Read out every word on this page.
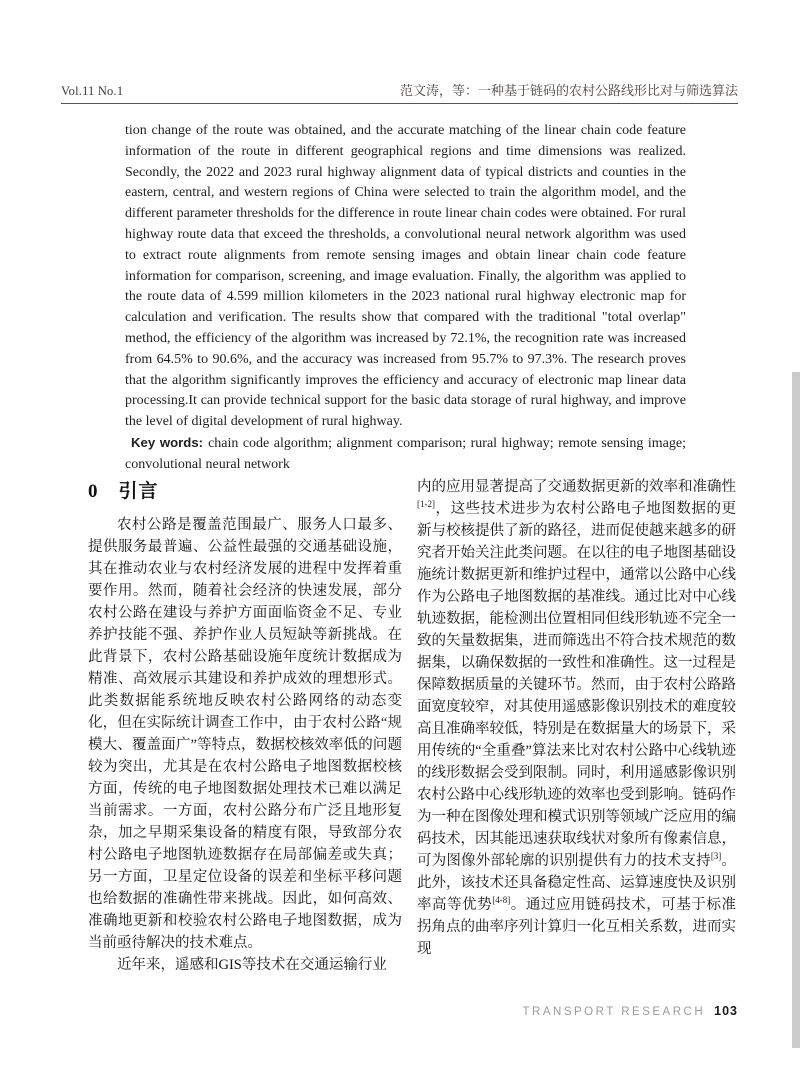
Vol.11 No.1	范文涛，等：一种基于链码的农村公路线形比对与筛选算法

tion change of the route was obtained, and the accurate matching of the linear chain code feature information of the route in different geographical regions and time dimensions was realized. Secondly, the 2022 and 2023 rural highway alignment data of typical districts and counties in the eastern, central, and western regions of China were selected to train the algorithm model, and the different parameter thresholds for the difference in route linear chain codes were obtained. For rural highway route data that exceed the thresholds, a convolutional neural network algorithm was used to extract route alignments from remote sensing images and obtain linear chain code feature information for comparison, screening, and image evaluation. Finally, the algorithm was applied to the route data of 4.599 million kilometers in the 2023 national rural highway electronic map for calculation and verification. The results show that compared with the traditional "total overlap" method, the efficiency of the algorithm was increased by 72.1%, the recognition rate was increased from 64.5% to 90.6%, and the accuracy was increased from 95.7% to 97.3%. The research proves that the algorithm significantly improves the efficiency and accuracy of electronic map linear data processing.It can provide technical support for the basic data storage of rural highway, and improve the level of digital development of rural highway.

Key words: chain code algorithm; alignment comparison; rural highway; remote sensing image; convolutional neural network

0 引言

农村公路是覆盖范围最广、服务人口最多、提供服务最普遍、公益性最强的交通基础设施，其在推动农业与农村经济发展的进程中发挥着重要作用。然而，随着社会经济的快速发展，部分农村公路在建设与养护方面面临资金不足、专业养护技能不强、养护作业人员短缺等新挑战。在此背景下，农村公路基础设施年度统计数据成为精准、高效展示其建设和养护成效的理想形式。此类数据能系统地反映农村公路网络的动态变化，但在实际统计调查工作中，由于农村公路“规模大、覆盖面广”等特点，数据校核效率低的问题较为突出，尤其是在农村公路电子地图数据校核方面，传统的电子地图数据处理技术已难以满足当前需求。一方面，农村公路分布广泛且地形复杂，加之早期采集设备的精度有限，导致部分农村公路电子地图轨迹数据存在局部偏差或失真；另一方面，卫星定位设备的误差和坐标平移问题也给数据的准确性带来挑战。因此，如何高效、准确地更新和校验农村公路电子地图数据，成为当前亟待解决的技术难点。

近年来，遥感和GIS等技术在交通运输行业

内的应用显著提高了交通数据更新的效率和准确性[1-2]，这些技术进步为农村公路电子地图数据的更新与校核提供了新的路径，进而促使越来越多的研究者开始关注此类问题。在以往的电子地图基础设施统计数据更新和维护过程中，通常以公路中心线作为公路电子地图数据的基准线。通过比对中心线轨迹数据，能检测出位置相同但线形轨迹不完全一致的矢量数据集，进而筛选出不符合技术规范的数据集，以确保数据的一致性和准确性。这一过程是保障数据质量的关键环节。然而，由于农村公路路面宽度较窄，对其使用遥感影像识别技术的难度较高且准确率较低，特别是在数据量大的场景下，采用传统的“全重叠”算法来比对农村公路中心线轨迹的线形数据会受到限制。同时，利用遥感影像识别农村公路中心线形轨迹的效率也受到影响。链码作为一种在图像处理和模式识别等领域广泛应用的编码技术，因其能迅速获取线状对象所有像素信息，可为图像外部轮廓的识别提供有力的技术支持[3]。此外，该技术还具备稳定性高、运算速度快及识别率高等优势[4-8]。通过应用链码技术，可基于标准拐角点的曲率序列计算归一化互相关系数，进而实现

TRANSPORT RESEARCH 103
